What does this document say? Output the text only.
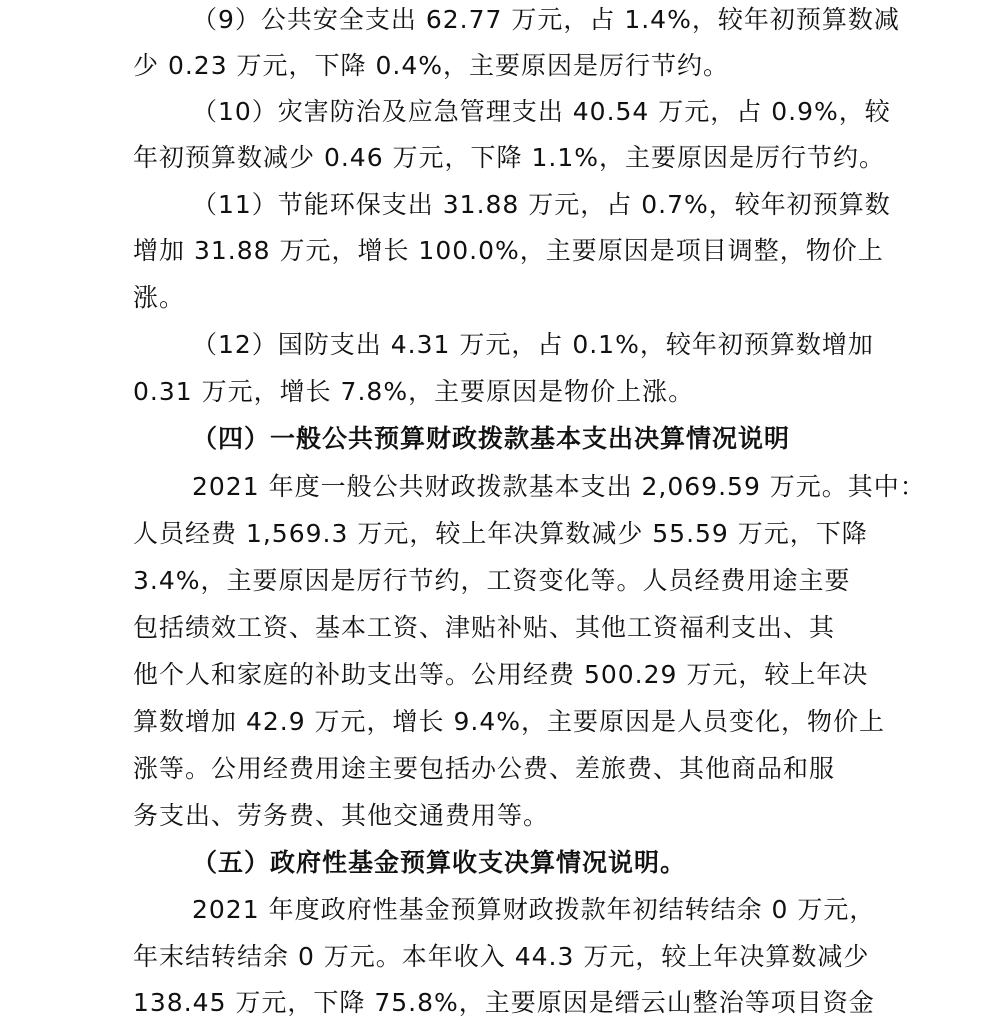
（9）公共安全支出 62.77 万元，占 1.4%，较年初预算数减
少 0.23 万元，下降 0.4%，主要原因是厉行节约。
（10）灾害防治及应急管理支出 40.54 万元，占 0.9%，较
年初预算数减少 0.46 万元，下降 1.1%，主要原因是厉行节约。
（11）节能环保支出 31.88 万元，占 0.7%，较年初预算数
增加 31.88 万元，增长 100.0%，主要原因是项目调整，物价上
涨。
（12）国防支出 4.31 万元，占 0.1%，较年初预算数增加
0.31 万元，增长 7.8%，主要原因是物价上涨。
（四）一般公共预算财政拨款基本支出决算情况说明
2021 年度一般公共财政拨款基本支出 2,069.59 万元。其中：
人员经费 1,569.3 万元，较上年决算数减少 55.59 万元，下降
3.4%，主要原因是厉行节约，工资变化等。人员经费用途主要
包括绩效工资、基本工资、津贴补贴、其他工资福利支出、其
他个人和家庭的补助支出等。公用经费 500.29 万元，较上年决
算数增加 42.9 万元，增长 9.4%，主要原因是人员变化，物价上
涨等。公用经费用途主要包括办公费、差旅费、其他商品和服
务支出、劳务费、其他交通费用等。
（五）政府性基金预算收支决算情况说明。
2021 年度政府性基金预算财政拨款年初结转结余 0 万元，
年末结转结余 0 万元。本年收入 44.3 万元，较上年决算数减少
138.45 万元，下降 75.8%，主要原因是缙云山整治等项目资金
